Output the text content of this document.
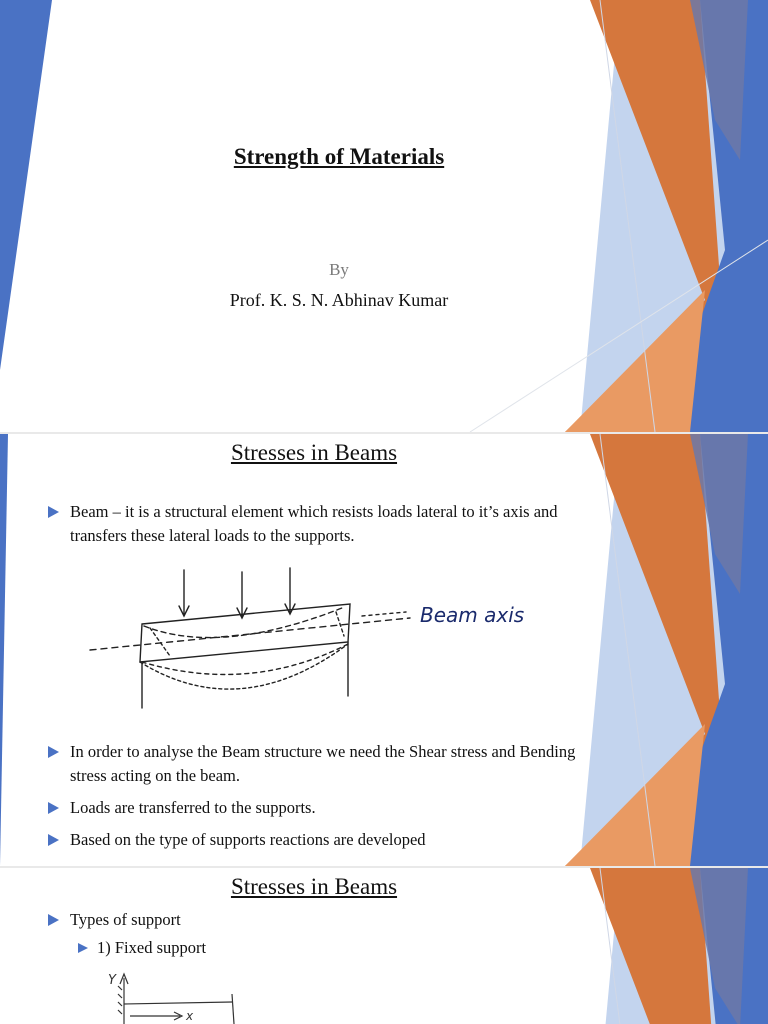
Strength of Materials
By
Prof. K. S. N. Abhinav Kumar
Stresses in Beams
Beam – it is a structural element which resists loads lateral to it’s axis and transfers these lateral loads to the supports.
Beam axis
In order to analyse the Beam structure we need the Shear stress and Bending stress acting on the beam.
Loads are transferred to the supports.
Based on the type of supports reactions are developed
Stresses in Beams
Types of support
1) Fixed support
Y
x
